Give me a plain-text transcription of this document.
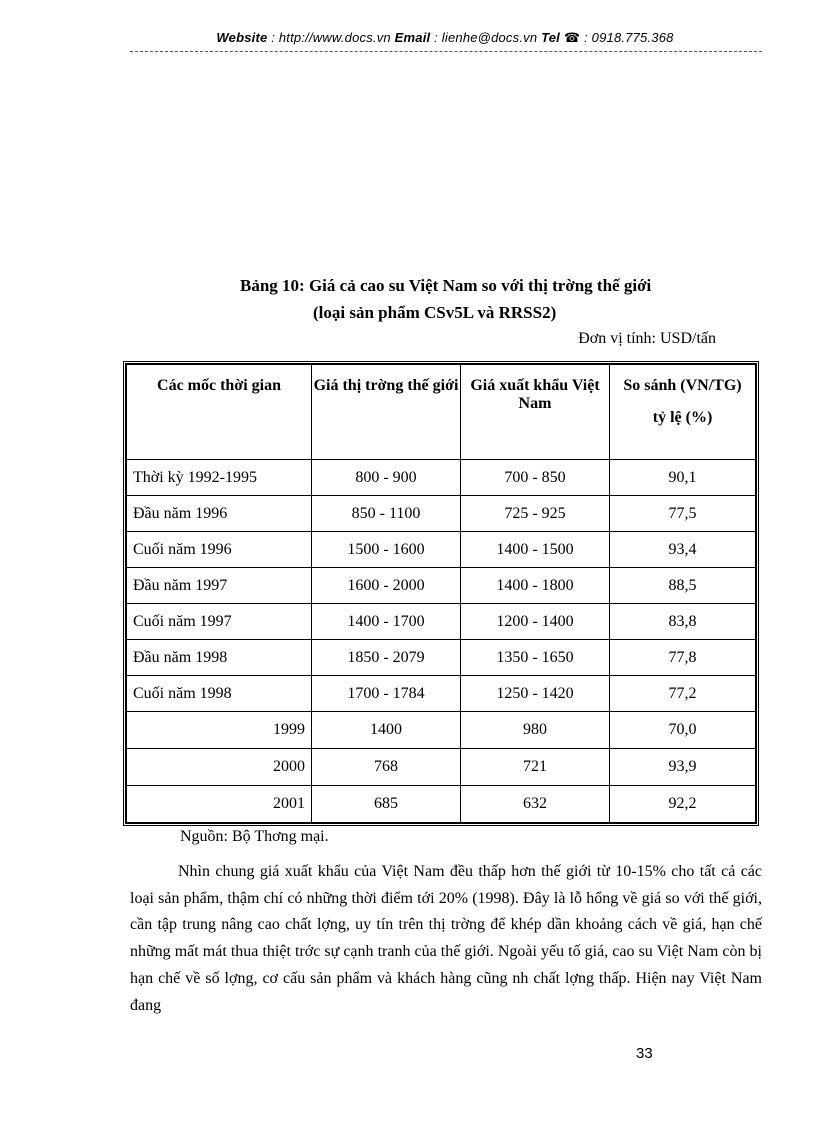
Website : http://www.docs.vn Email : lienhe@docs.vn Tel ☎ : 0918.775.368
Bảng 10: Giá cả cao su Việt Nam so với thị trờng thế giới
(loại sản phẩm CSv5L và RRSS2)
Đơn vị tính: USD/tấn
Các mốc thời gian	Giá thị trờng thế giới	Giá xuất khẩu Việt Nam	So sánh (VN/TG)
tỷ lệ (%)

Thời kỳ 1992-1995	800 - 900	700 - 850	90,1
Đầu năm 1996	850 - 1100	725 - 925	77,5
Cuối năm 1996	1500 - 1600	1400 - 1500	93,4
Đầu năm 1997	1600 - 2000	1400 - 1800	88,5
Cuối năm 1997	1400 - 1700	1200 - 1400	83,8
Đầu năm 1998	1850 - 2079	1350 - 1650	77,8
Cuối năm 1998	1700 - 1784	1250 - 1420	77,2
1999	1400	980	70,0
2000	768	721	93,9
2001	685	632	92,2
Nguồn: Bộ Thơng mại.

Nhìn chung giá xuất khẩu của Việt Nam đều thấp hơn thế giới từ 10-15% cho tất cả các loại sản phẩm, thậm chí có những thời điểm tới 20% (1998). Đây là lỗ hổng về giá so với thế giới, cần tập trung nâng cao chất lợng, uy tín trên thị trờng để khép dần khoảng cách về giá, hạn chế những mất mát thua thiệt trớc sự cạnh tranh của thế giới. Ngoài yếu tố giá, cao su Việt Nam còn bị hạn chế về số lợng, cơ cấu sản phẩm và khách hàng cũng nh chất lợng thấp. Hiện nay Việt Nam đang

33
